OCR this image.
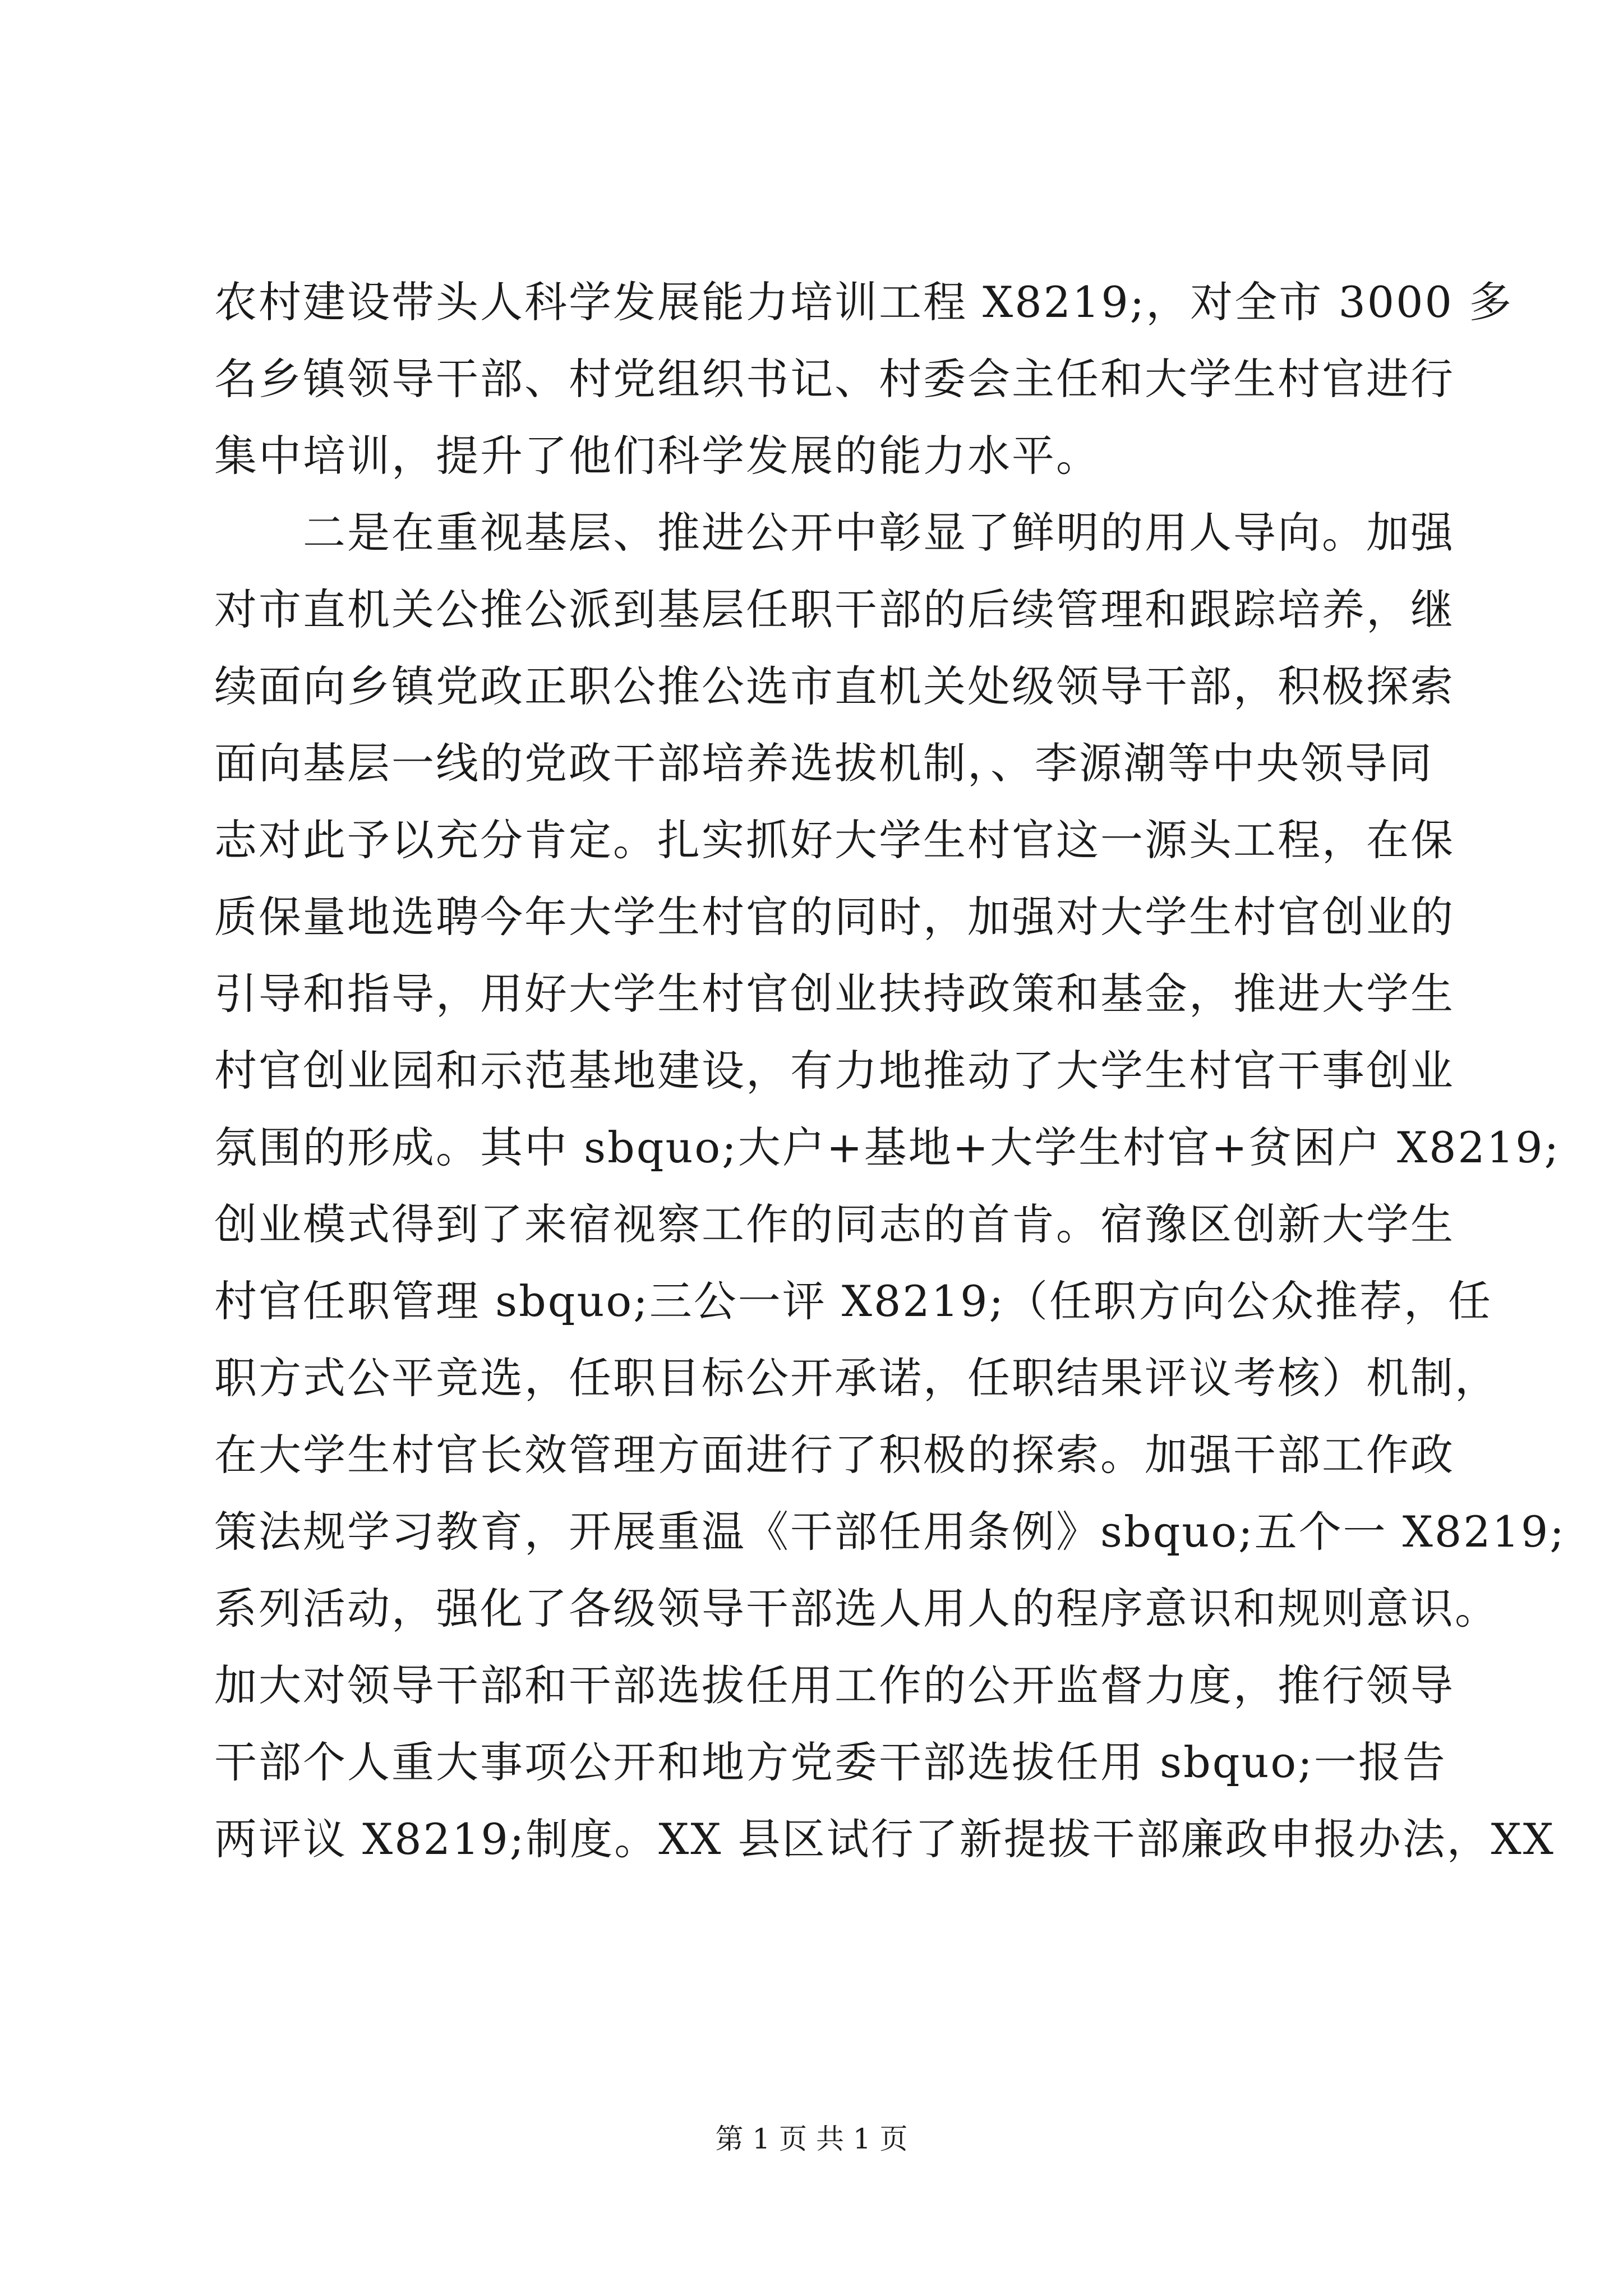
农村建设带头人科学发展能力培训工程 X8219;，对全市 3000 多
名乡镇领导干部、村党组织书记、村委会主任和大学生村官进行
集中培训，提升了他们科学发展的能力水平。
　　二是在重视基层、推进公开中彰显了鲜明的用人导向。加强
对市直机关公推公派到基层任职干部的后续管理和跟踪培养，继
续面向乡镇党政正职公推公选市直机关处级领导干部，积极探索
面向基层一线的党政干部培养选拔机制，、李源潮等中央领导同
志对此予以充分肯定。扎实抓好大学生村官这一源头工程，在保
质保量地选聘今年大学生村官的同时，加强对大学生村官创业的
引导和指导，用好大学生村官创业扶持政策和基金，推进大学生
村官创业园和示范基地建设，有力地推动了大学生村官干事创业
氛围的形成。其中 sbquo;大户+基地+大学生村官+贫困户 X8219;
创业模式得到了来宿视察工作的同志的首肯。宿豫区创新大学生
村官任职管理 sbquo;三公一评 X8219;（任职方向公众推荐，任
职方式公平竞选，任职目标公开承诺，任职结果评议考核）机制，
在大学生村官长效管理方面进行了积极的探索。加强干部工作政
策法规学习教育，开展重温《干部任用条例》sbquo;五个一 X8219;
系列活动，强化了各级领导干部选人用人的程序意识和规则意识。
加大对领导干部和干部选拔任用工作的公开监督力度，推行领导
干部个人重大事项公开和地方党委干部选拔任用 sbquo;一报告
两评议 X8219;制度。XX 县区试行了新提拔干部廉政申报办法，XX
第 1 页 共 1 页
